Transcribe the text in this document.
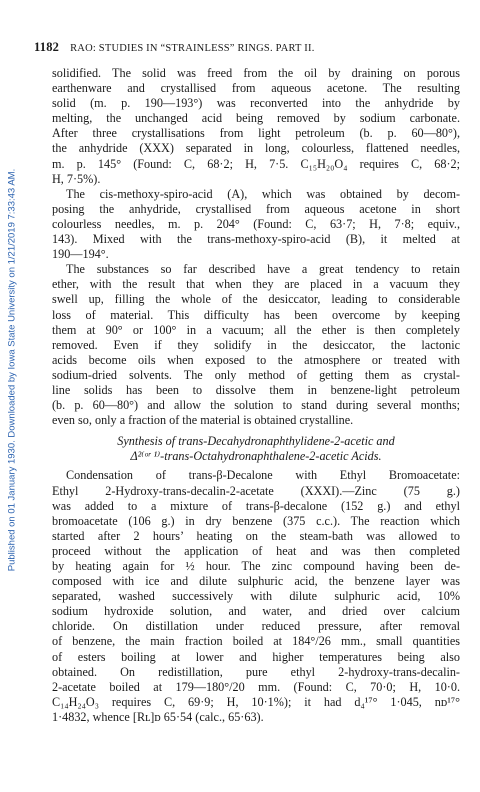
Published on 01 January 1930. Downloaded by Iowa State University on 1/21/2019 7:33:43 AM.
1182 RAO: STUDIES IN “STRAINLESS” RINGS. PART II.

solidified. The solid was freed from the oil by draining on porous
earthenware and crystallised from aqueous acetone. The resulting
solid (m. p. 190—193°) was reconverted into the anhydride by
melting, the unchanged acid being removed by sodium carbonate.
After three crystallisations from light petroleum (b. p. 60—80°),
the anhydride (XXX) separated in long, colourless, flattened needles,
m. p. 145° (Found: C, 68·2; H, 7·5. C₁₅H₂₀O₄ requires C, 68·2;
H, 7·5%).

The cis-methoxy-spiro-acid (A), which was obtained by decom-
posing the anhydride, crystallised from aqueous acetone in short
colourless needles, m. p. 204° (Found: C, 63·7; H, 7·8; equiv.,
143). Mixed with the trans-methoxy-spiro-acid (B), it melted at
190—194°.

The substances so far described have a great tendency to retain
ether, with the result that when they are placed in a vacuum they
swell up, filling the whole of the desiccator, leading to considerable
loss of material. This difficulty has been overcome by keeping
them at 90° or 100° in a vacuum; all the ether is then completely
removed. Even if they solidify in the desiccator, the lactonic
acids become oils when exposed to the atmosphere or treated with
sodium-dried solvents. The only method of getting them as crystal-
line solids has been to dissolve them in benzene-light petroleum
(b. p. 60—80°) and allow the solution to stand during several months;
even so, only a fraction of the material is obtained crystalline.

Synthesis of trans-Decahydronaphthylidene-2-acetic and
Δ²⁽ᵒʳ ¹⁾-trans-Octahydronaphthalene-2-acetic Acids.

Condensation of trans-β-Decalone with Ethyl Bromoacetate:
Ethyl 2-Hydroxy-trans-decalin-2-acetate (XXXI).—Zinc (75 g.)
was added to a mixture of trans-β-decalone (152 g.) and ethyl
bromoacetate (106 g.) in dry benzene (375 c.c.). The reaction which
started after 2 hours’ heating on the steam-bath was allowed to
proceed without the application of heat and was then completed
by heating again for ½ hour. The zinc compound having been de-
composed with ice and dilute sulphuric acid, the benzene layer was
separated, washed successively with dilute sulphuric acid, 10%
sodium hydroxide solution, and water, and dried over calcium
chloride. On distillation under reduced pressure, after removal
of benzene, the main fraction boiled at 184°/26 mm., small quantities
of esters boiling at lower and higher temperatures being also
obtained. On redistillation, pure ethyl 2-hydroxy-trans-decalin-
2-acetate boiled at 179—180°/20 mm. (Found: C, 70·0; H, 10·0.
C₁₄H₂₄O₃ requires C, 69·9; H, 10·1%); it had d₄¹⁷° 1·045, nᴅ¹⁷°
1·4832, whence [Rʟ]ᴅ 65·54 (calc., 65·63).
